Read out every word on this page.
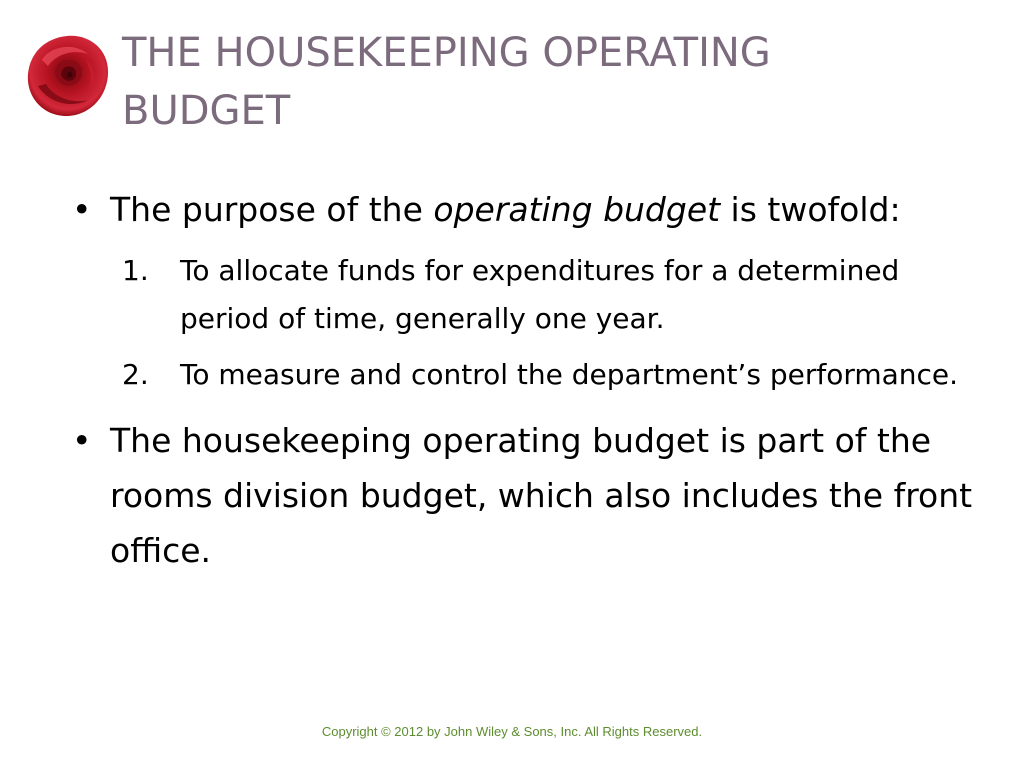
THE HOUSEKEEPING OPERATING
BUDGET
• The purpose of the operating budget is twofold:
1. To allocate funds for expenditures for a determined period of time, generally one year.
2. To measure and control the department’s performance.
• The housekeeping operating budget is part of the rooms division budget, which also includes the front office.
Copyright © 2012 by John Wiley & Sons, Inc. All Rights Reserved.
